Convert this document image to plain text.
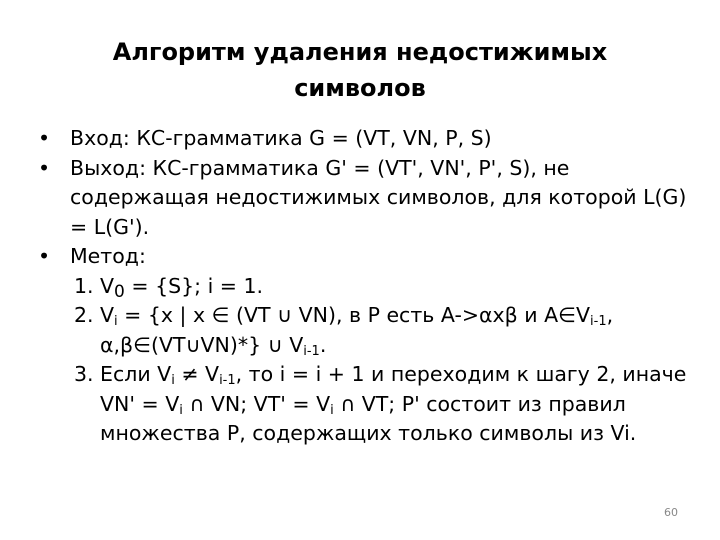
Алгоритм удаления недостижимых
символов
• Вход: КС-грамматика G = (VT, VN, P, S)
• Выход: КС-грамматика G' = (VT', VN', P', S), не содержащая недостижимых символов, для которой L(G) = L(G').
• Метод:
1. $V_0 = \{S\}$; i = 1.
2. $V_i = \{x$ | x ∈ (VT ∪ VN), в P есть A->αxβ и $A\in V_{i-1}$, α,β∈(VT∪VN)*} ∪ $V_{i-1}$.
3. Если $V_i \ne V_{i-1}$, то i = i + 1 и переходим к шагу 2, иначе $VN' = V_i$ ∩ VN; $VT' = V_i$ ∩ VT; P' состоит из правил множества P, содержащих только символы из Vi.
60
